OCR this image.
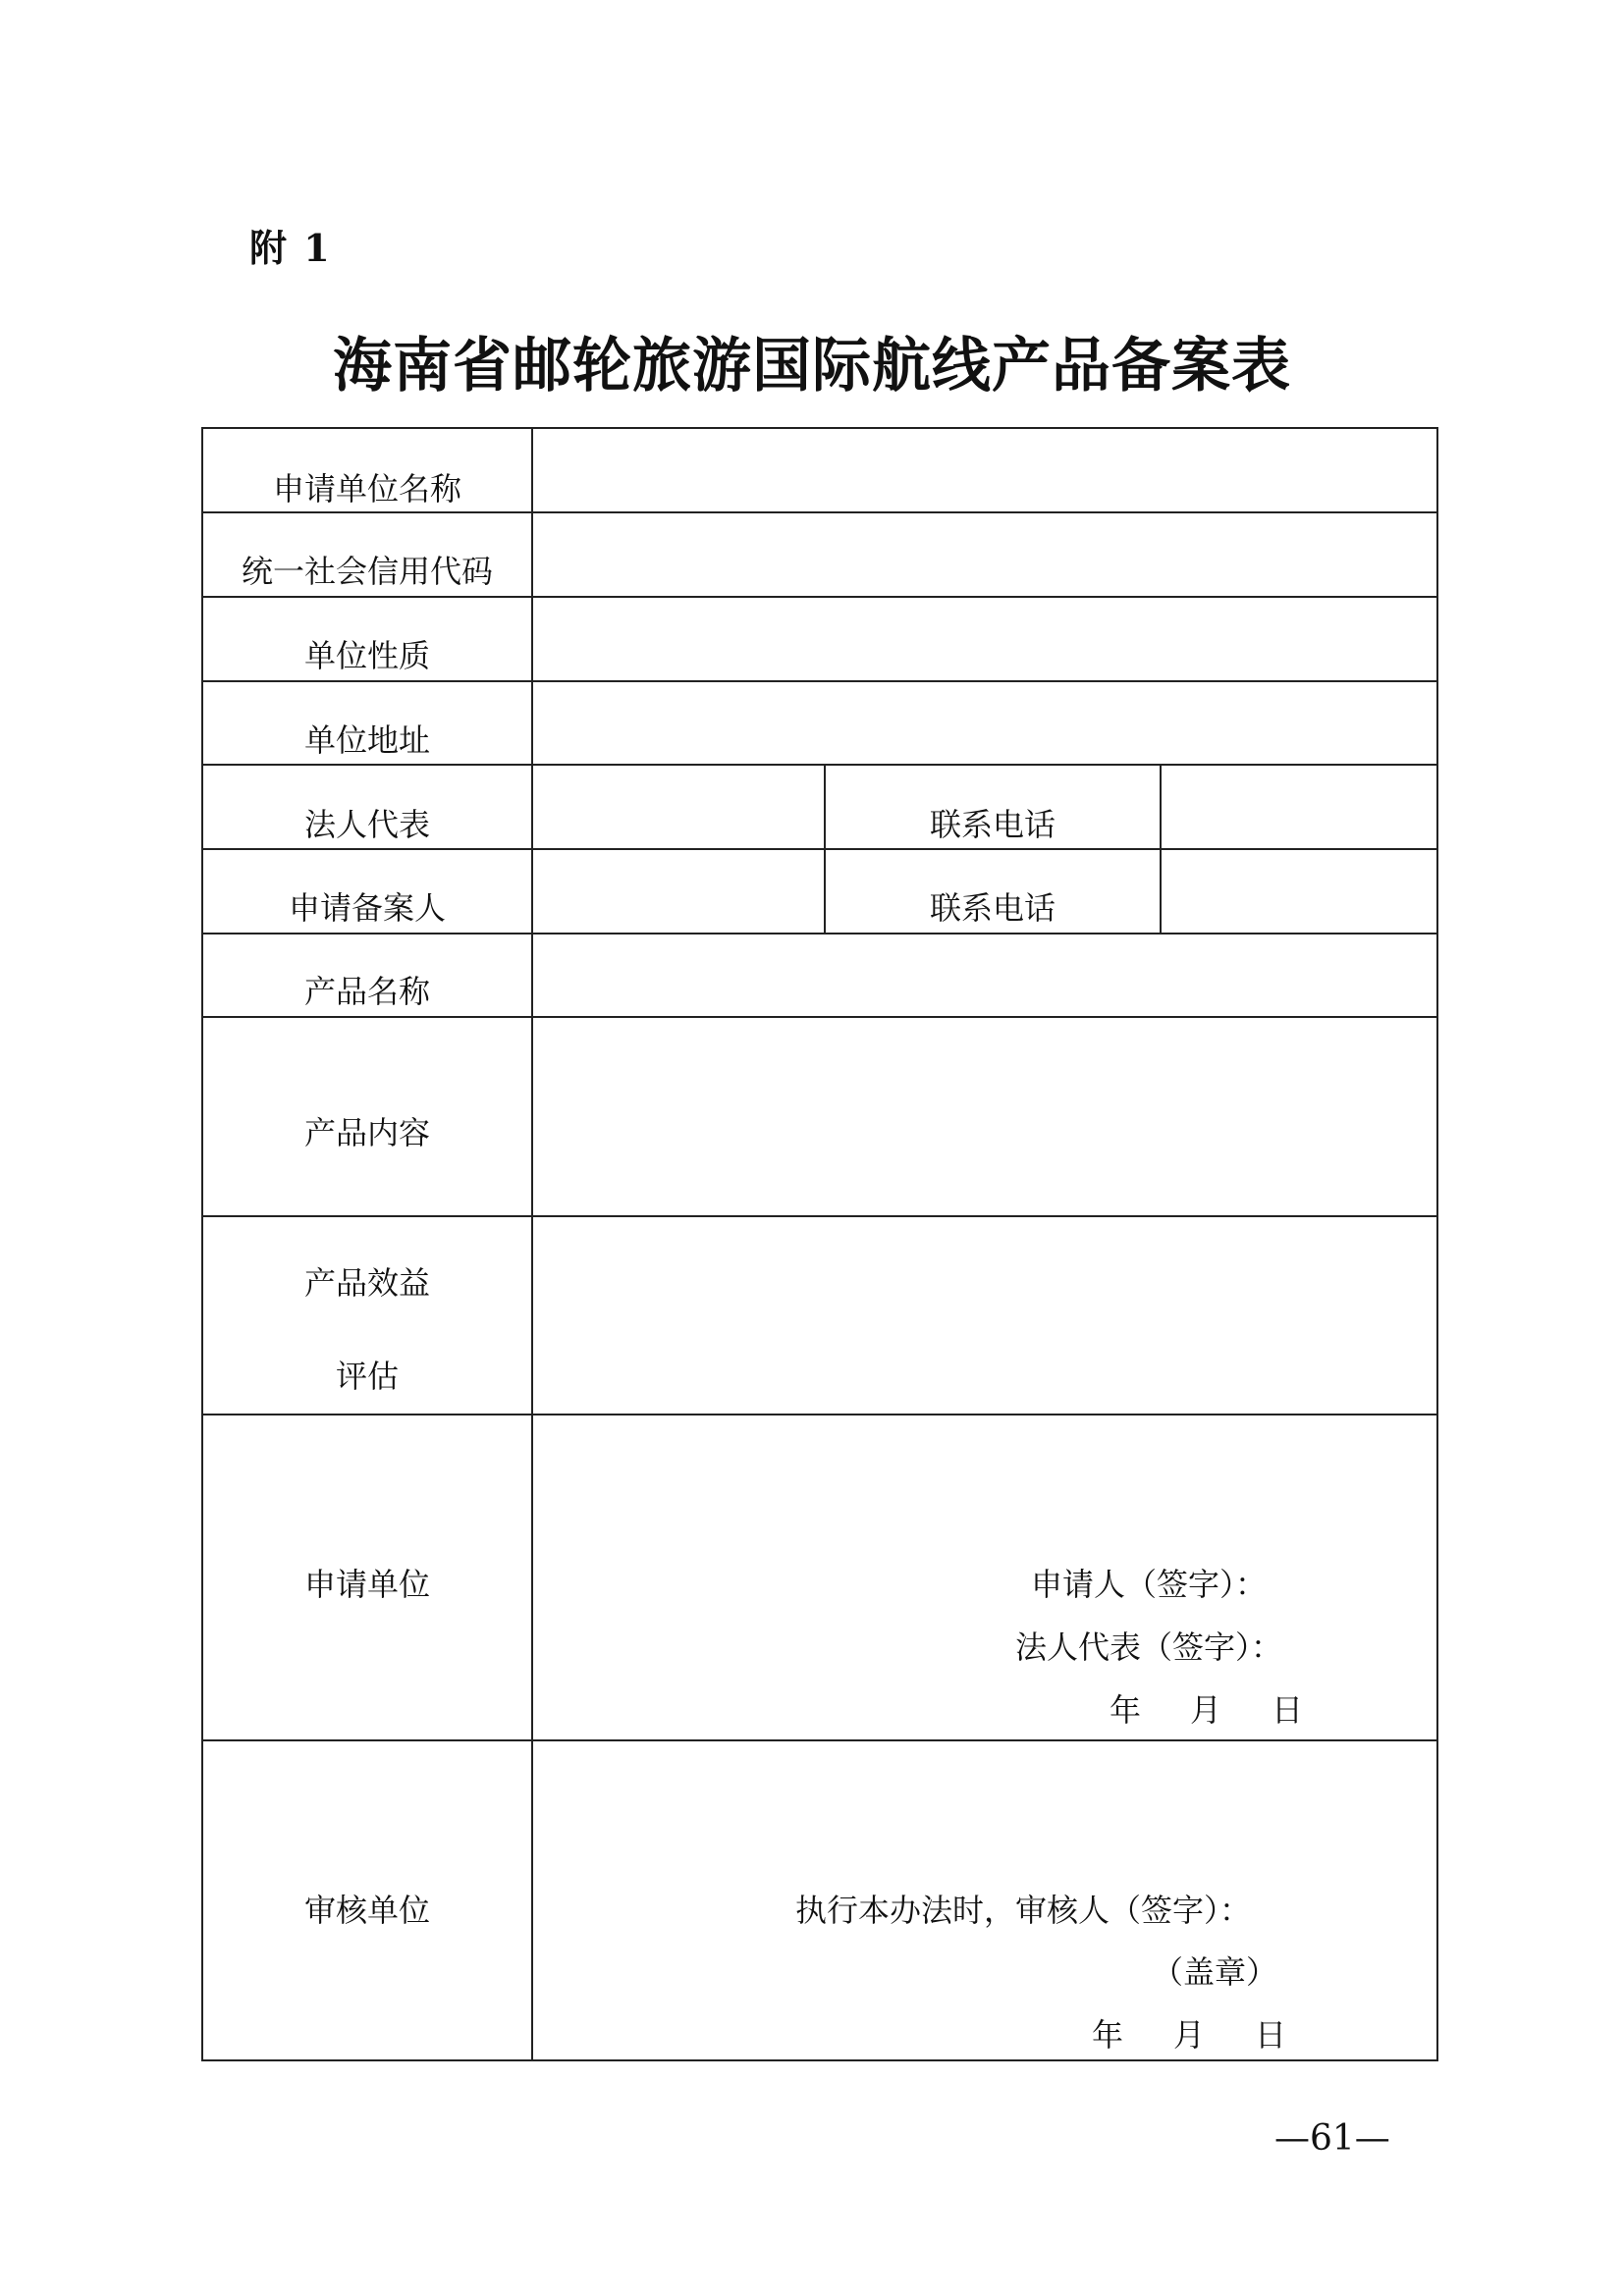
附 1
海南省邮轮旅游国际航线产品备案表
申请单位名称
统一社会信用代码
单位性质
单位地址
法人代表	联系电话
申请备案人	联系电话
产品名称
产品内容
产品效益
评估
申请单位
审核单位
申请人（签字）：
法人代表（签字）：
年 月 日
执行本办法时，审核人（签字）：
（盖章）
年 月 日
—61—
